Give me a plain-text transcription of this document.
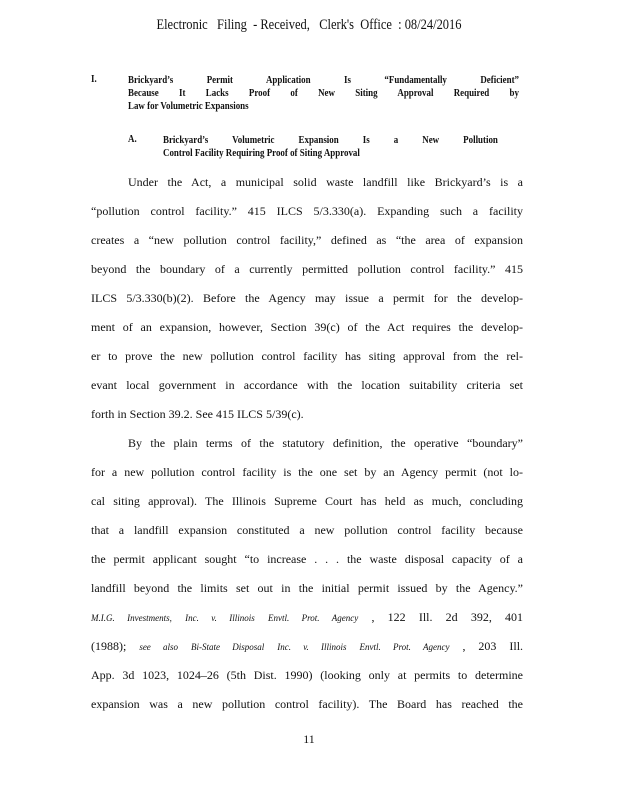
Electronic   Filing  - Received,   Clerk's  Office  : 08/24/2016
I.	Brickyard’s Permit Application Is “Fundamentally Deficient”
Because It Lacks Proof of New Siting Approval Required by
Law for Volumetric Expansions
A.	Brickyard’s Volumetric Expansion Is a New Pollution
Control Facility Requiring Proof of Siting Approval
Under the Act, a municipal solid waste landfill like Brickyard’s is a
“pollution control facility.” 415 ILCS 5/3.330(a). Expanding such a facility
creates a “new pollution control facility,” defined as “the area of expansion
beyond the boundary of a currently permitted pollution control facility.” 415
ILCS 5/3.330(b)(2). Before the Agency may issue a permit for the develop-
ment of an expansion, however, Section 39(c) of the Act requires the develop-
er to prove the new pollution control facility has siting approval from the rel-
evant local government in accordance with the location suitability criteria set
forth in Section 39.2. See 415 ILCS 5/39(c).
By the plain terms of the statutory definition, the operative “boundary”
for a new pollution control facility is the one set by an Agency permit (not lo-
cal siting approval). The Illinois Supreme Court has held as much, concluding
that a landfill expansion constituted a new pollution control facility because
the permit applicant sought “to increase . . . the waste disposal capacity of a
landfill beyond the limits set out in the initial permit issued by the Agency.”
M.I.G. Investments, Inc. v. Illinois Envtl. Prot. Agency , 122 Ill. 2d 392, 401
(1988); see also Bi-State Disposal Inc. v. Illinois Envtl. Prot. Agency , 203 Ill.
App. 3d 1023, 1024–26 (5th Dist. 1990) (looking only at permits to determine
expansion was a new pollution control facility). The Board has reached the
11
